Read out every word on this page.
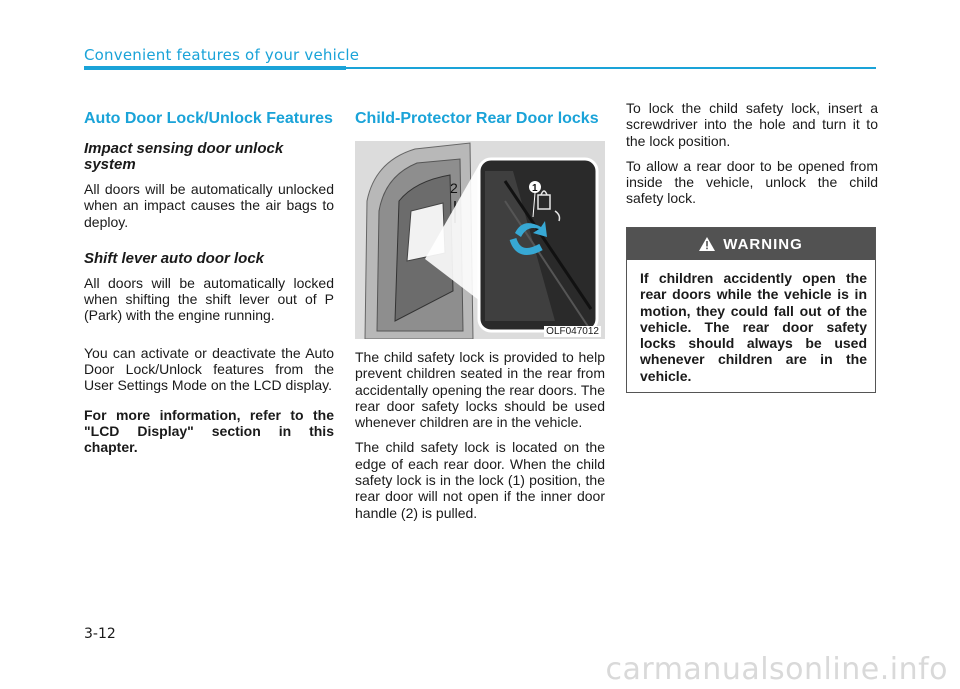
Convenient features of your vehicle
Auto Door Lock/Unlock Features
Impact sensing door unlock system

All doors will be automatically unlocked when an impact causes the air bags to deploy.

Shift lever auto door lock

All doors will be automatically locked when shifting the shift lever out of P (Park) with the engine running.

You can activate or deactivate the Auto Door Lock/Unlock features from the User Settings Mode on the LCD display.

For more information, refer to the "LCD Display" section in this chapter.

Child-Protector Rear Door locks
2	1
OLF047012

The child safety lock is provided to help prevent children seated in the rear from accidentally opening the rear doors. The rear door safety locks should be used whenever children are in the vehicle.

The child safety lock is located on the edge of each rear door. When the child safety lock is in the lock (1) position, the rear door will not open if the inner door handle (2) is pulled.

To lock the child safety lock, insert a screwdriver into the hole and turn it to the lock position.

To allow a rear door to be opened from inside the vehicle, unlock the child safety lock.

WARNING
If children accidently open the rear doors while the vehicle is in motion, they could fall out of the vehicle. The rear door safety locks should always be used whenever children are in the vehicle.
3-12
carmanualsonline.info
